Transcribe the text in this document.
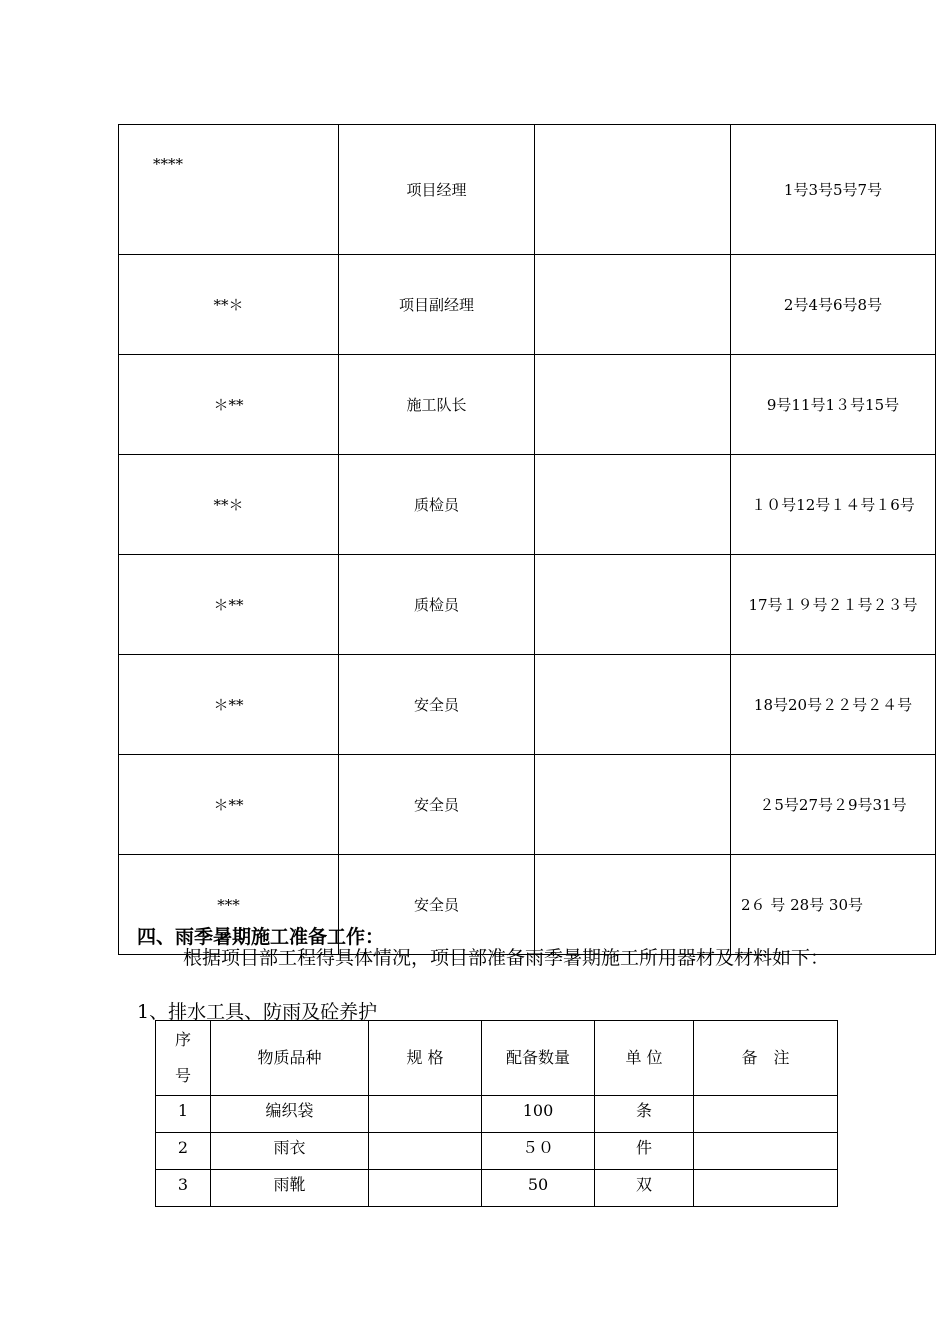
****	项目经理		1号3号5号7号
**＊	项目副经理		2号4号6号8号
＊**	施工队长		9号11号1３号15号
**＊	质检员		１０号12号１４号１6号
＊**	质检员		17号１９号２１号２３号
＊**	安全员		18号20号２２号２４号
＊**	安全员		２5号27号２9号31号
***	安全员		2６ 号 28号 30号
四、雨季暑期施工准备工作：

根据项目部工程得具体情况，项目部准备雨季暑期施工所用器材及材料如下：

1、排水工具、防雨及砼养护
序号	物质品种	规 格	配备数量	单 位	备　注
1	编织袋		100	条	
2	雨衣		５０	件	
3	雨靴		50	双	
